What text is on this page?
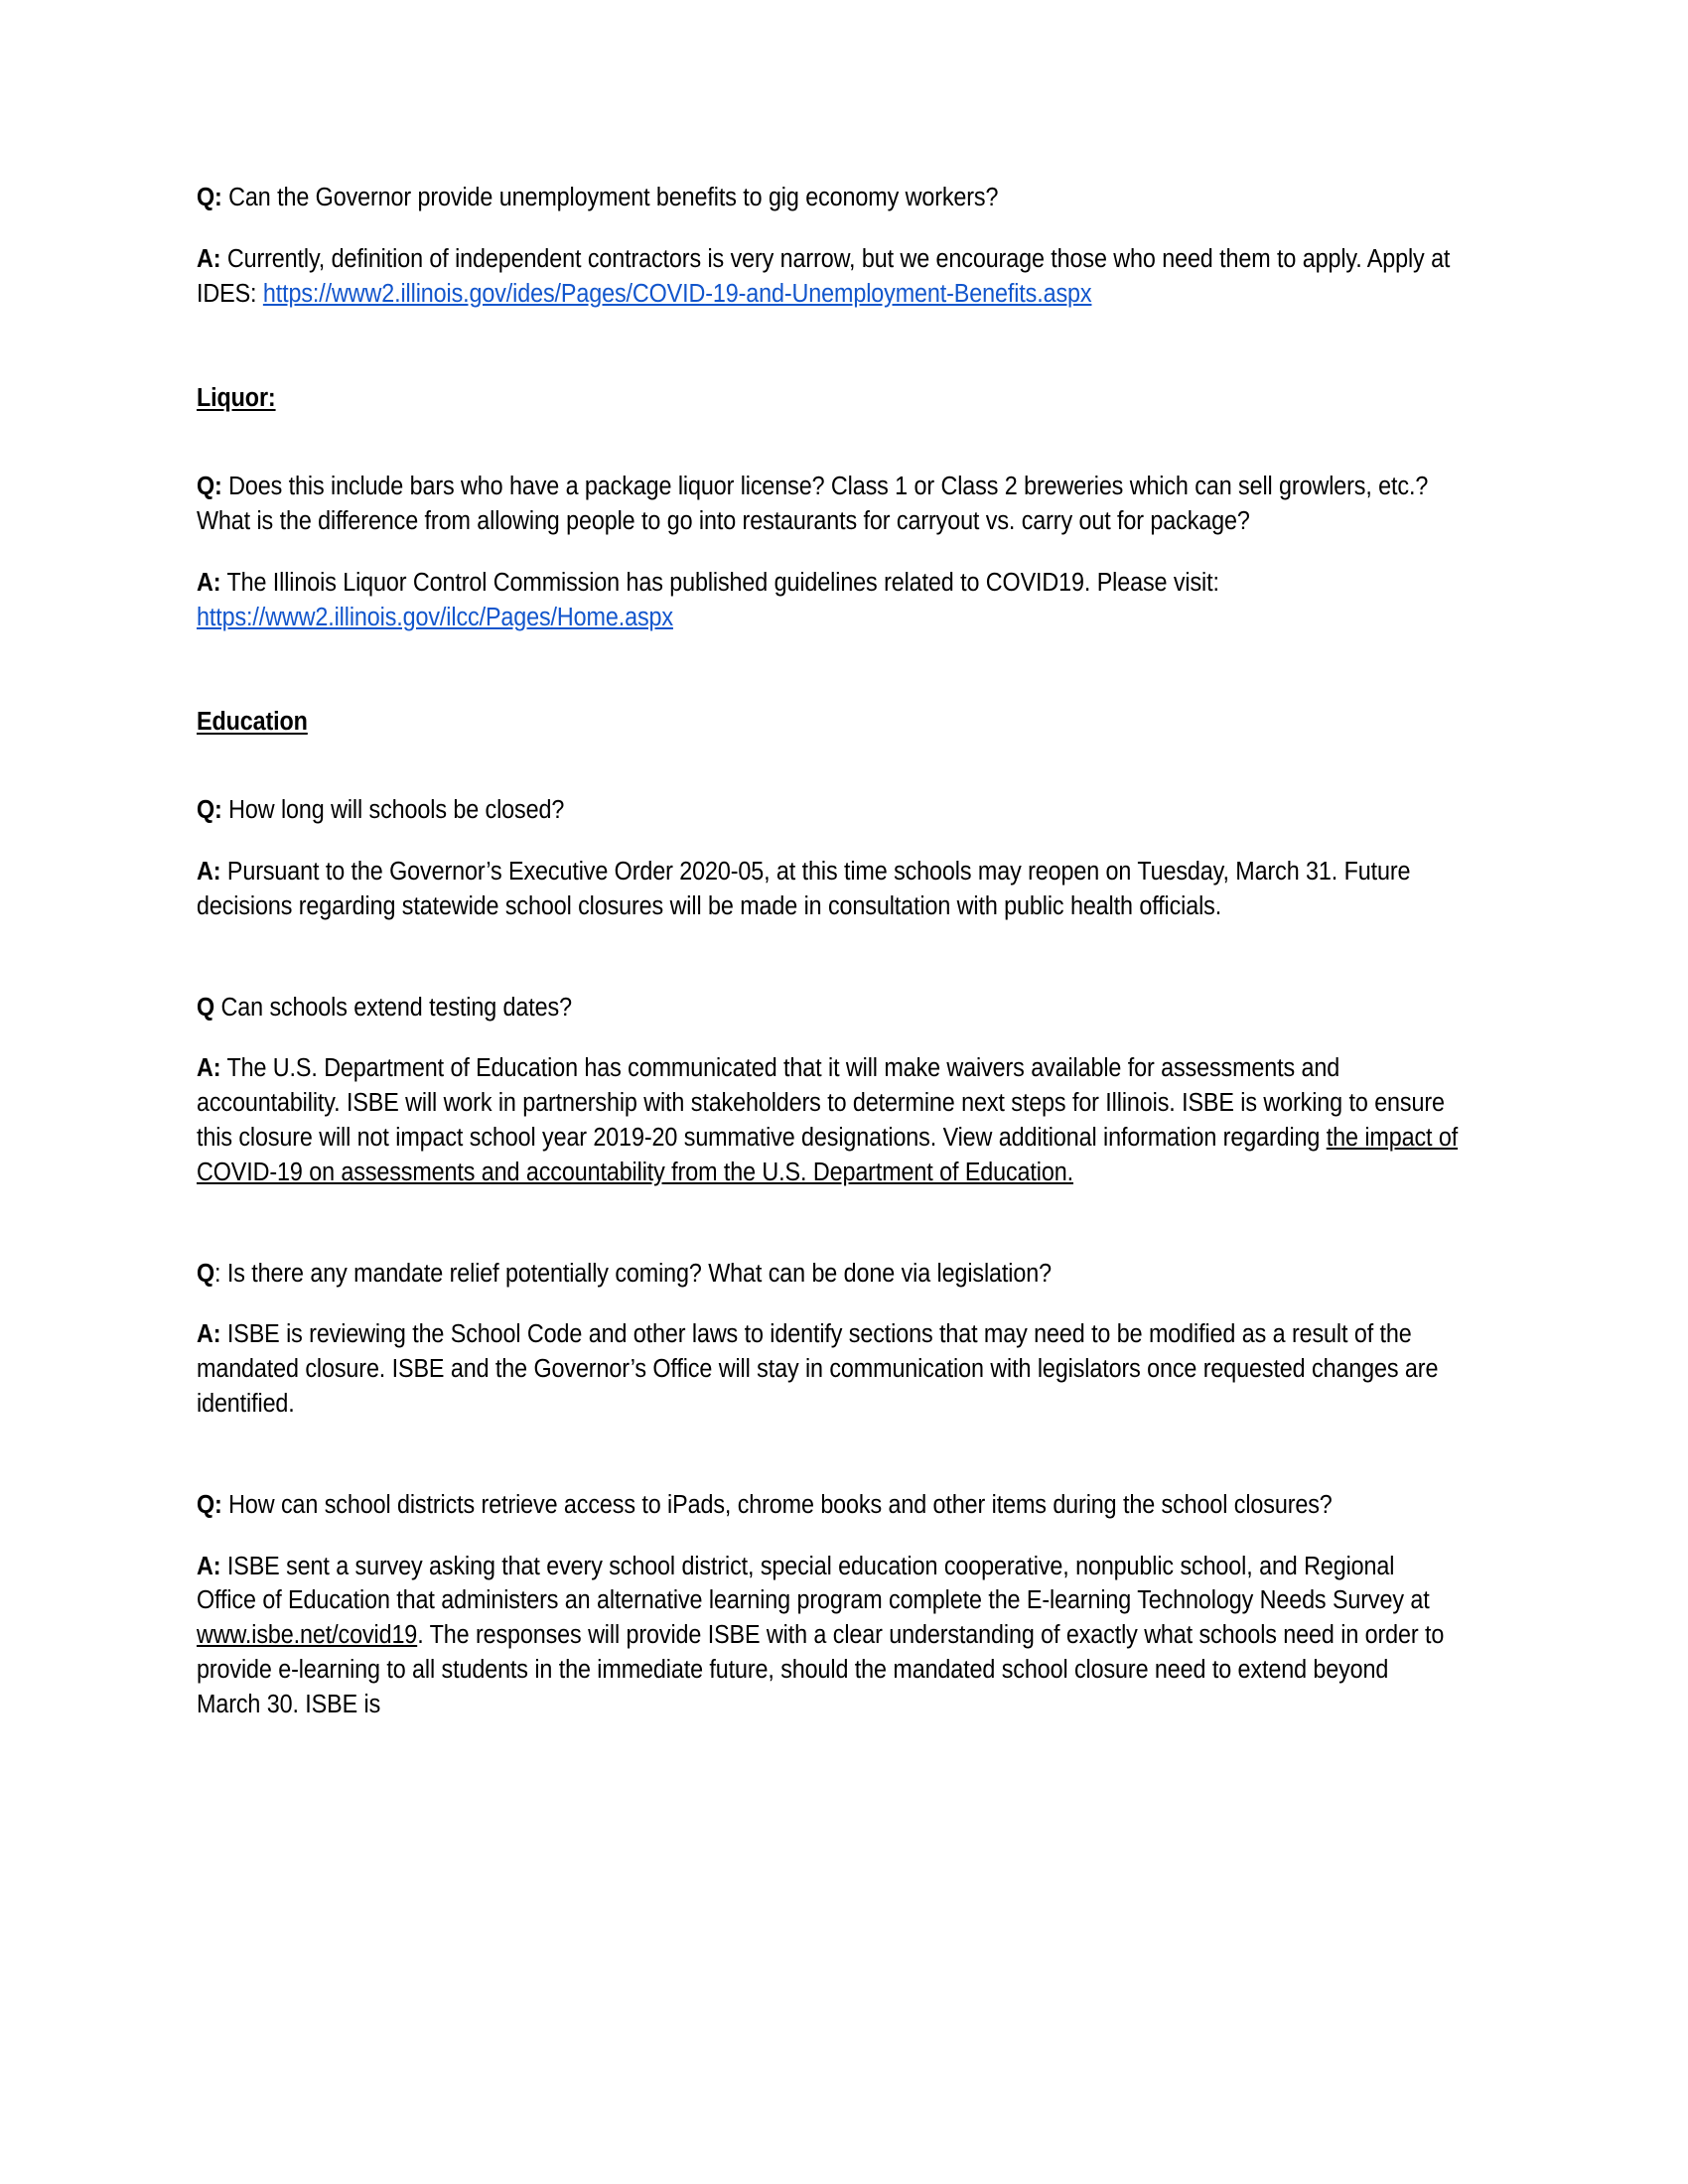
Q: Can the Governor provide unemployment benefits to gig economy workers?

A: Currently, definition of independent contractors is very narrow, but we encourage those who need them to apply. Apply at IDES: https://www2.illinois.gov/ides/Pages/COVID-19-and-Unemployment-Benefits.aspx

Liquor:

Q: Does this include bars who have a package liquor license? Class 1 or Class 2 breweries which can sell growlers, etc.? What is the difference from allowing people to go into restaurants for carryout vs. carry out for package?

A: The Illinois Liquor Control Commission has published guidelines related to COVID19. Please visit: https://www2.illinois.gov/ilcc/Pages/Home.aspx

Education

Q: How long will schools be closed?

A: Pursuant to the Governor’s Executive Order 2020-05, at this time schools may reopen on Tuesday, March 31. Future decisions regarding statewide school closures will be made in consultation with public health officials.

Q Can schools extend testing dates?

A: The U.S. Department of Education has communicated that it will make waivers available for assessments and accountability. ISBE will work in partnership with stakeholders to determine next steps for Illinois. ISBE is working to ensure this closure will not impact school year 2019-20 summative designations. View additional information regarding the impact of COVID-19 on assessments and accountability from the U.S. Department of Education.

Q: Is there any mandate relief potentially coming? What can be done via legislation?

A: ISBE is reviewing the School Code and other laws to identify sections that may need to be modified as a result of the mandated closure. ISBE and the Governor’s Office will stay in communication with legislators once requested changes are identified.

Q: How can school districts retrieve access to iPads, chrome books and other items during the school closures?

A: ISBE sent a survey asking that every school district, special education cooperative, nonpublic school, and Regional Office of Education that administers an alternative learning program complete the E-learning Technology Needs Survey at www.isbe.net/covid19. The responses will provide ISBE with a clear understanding of exactly what schools need in order to provide e-learning to all students in the immediate future, should the mandated school closure need to extend beyond March 30. ISBE is
